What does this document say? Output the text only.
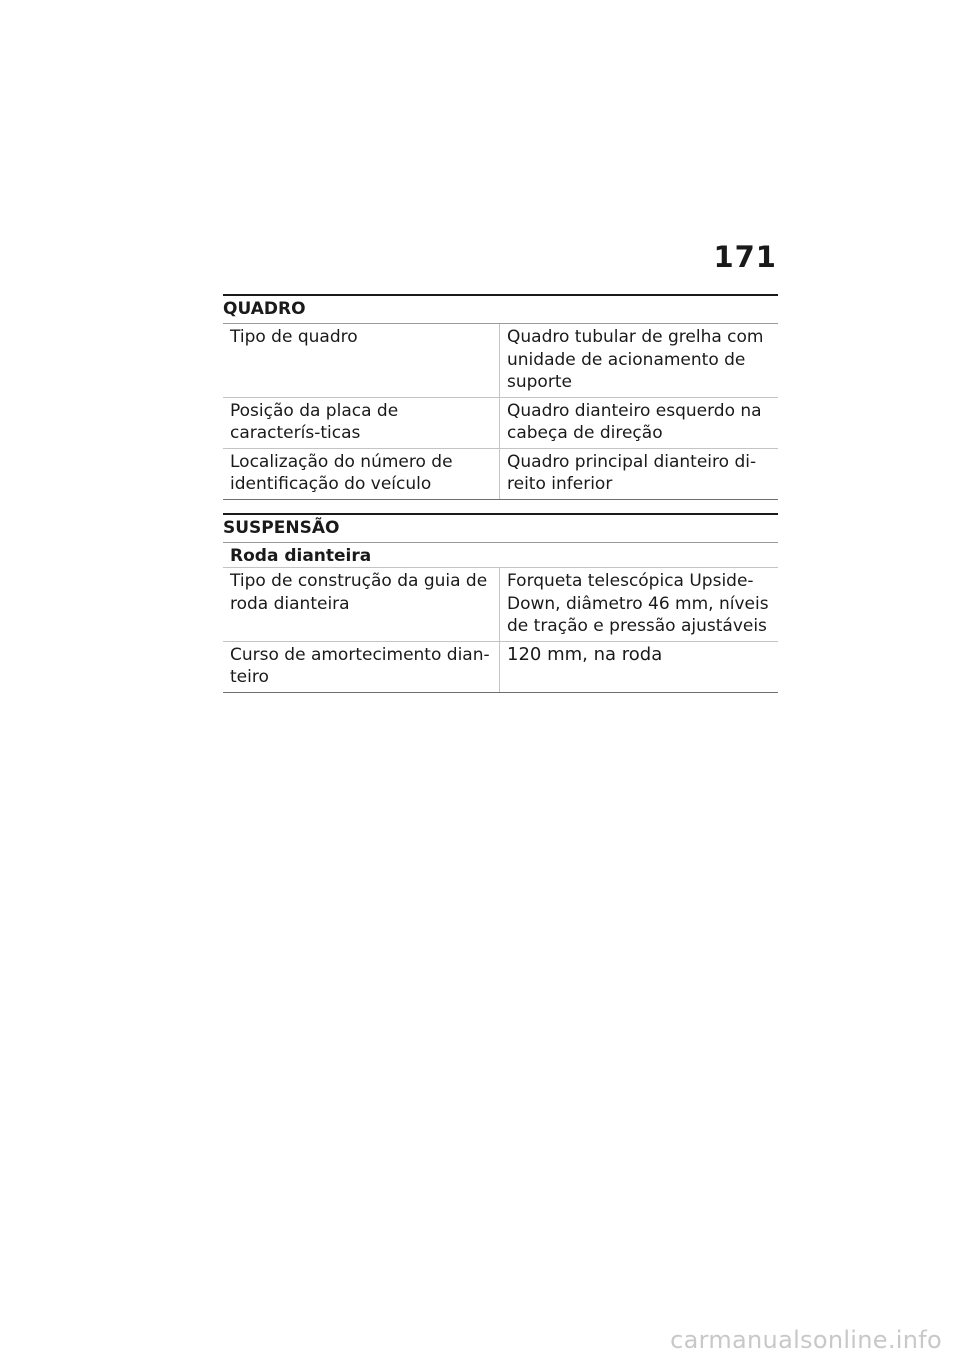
171
QUADRO
Tipo de quadro	Quadro tubular de grelha com unidade de acionamento de suporte
Posição da placa de caracterís-ticas
Quadro dianteiro esquerdo na cabeça de direção
Localização do número de identificação do veículo
Quadro principal dianteiro di-reito inferior
SUSPENSÃO
Roda dianteira
Tipo de construção da guia de roda dianteira
Forqueta telescópica Upside-Down, diâmetro 46 mm, níveis de tração e pressão ajustáveis
Curso de amortecimento dian-teiro
120 mm, na roda
carmanualsonline.info
